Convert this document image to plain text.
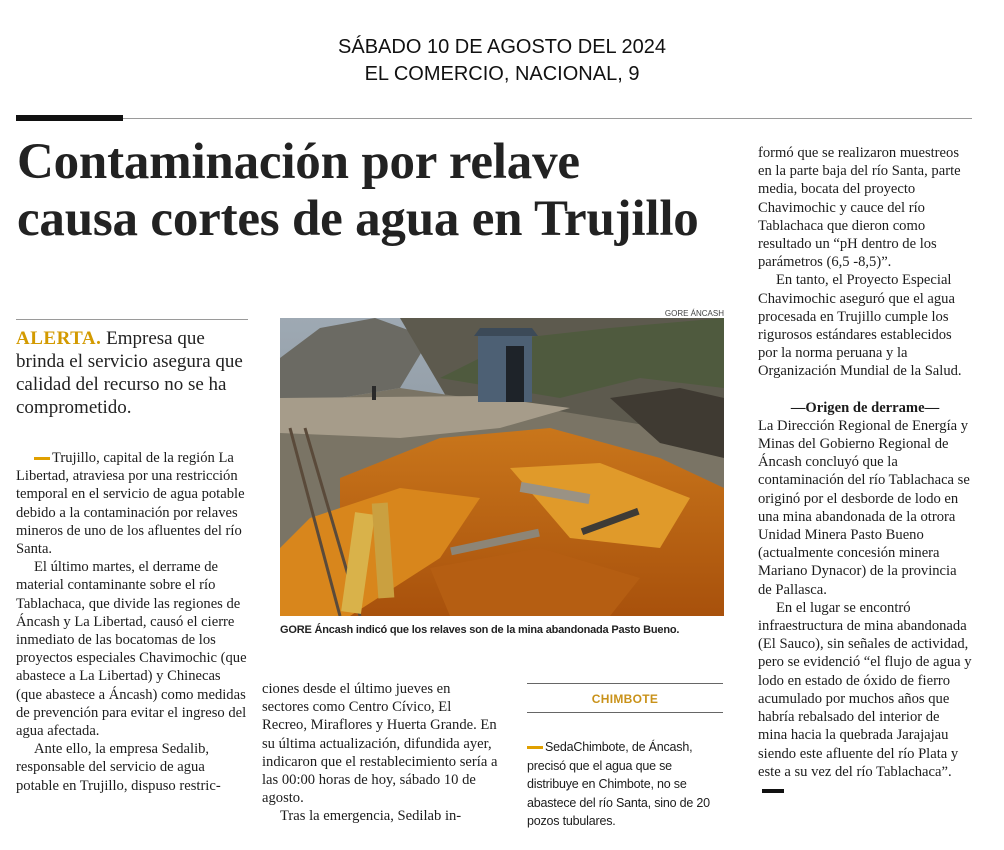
SÁBADO 10 DE AGOSTO DEL 2024
EL COMERCIO, NACIONAL, 9
Contaminación por relave
causa cortes de agua en Trujillo
ALERTA. Empresa que brinda el servicio asegura que calidad del recurso no se ha comprometido.

Trujillo, capital de la región La Libertad, atraviesa por una restricción temporal en el servicio de agua potable debido a la contaminación por relaves mineros de uno de los afluentes del río Santa.

El último martes, el derrame de material contaminante sobre el río Tablachaca, que divide las regiones de Áncash y La Libertad, causó el cierre inmediato de las bocatomas de los proyectos especiales Chavimochic (que abastece a La Libertad) y Chinecas (que abastece a Áncash) como medidas de prevención para evitar el ingreso del agua afectada.

Ante ello, la empresa Sedalib, responsable del servicio de agua potable en Trujillo, dispuso restric-

GORE ÁNCASH
GORE Áncash indicó que los relaves son de la mina abandonada Pasto Bueno.

ciones desde el último jueves en sectores como Centro Cívico, El Recreo, Miraflores y Huerta Grande. En su última actualización, difundida ayer, indicaron que el restablecimiento sería a las 00:00 horas de hoy, sábado 10 de agosto.

Tras la emergencia, Sedilab in-

CHIMBOTE
SedaChimbote, de Áncash, precisó que el agua que se distribuye en Chimbote, no se abastece del río Santa, sino de 20 pozos tubulares.

formó que se realizaron muestreos en la parte baja del río Santa, parte media, bocata del proyecto Chavimochic y cauce del río Tablachaca que dieron como resultado un “pH dentro de los parámetros (6,5 -8,5)”.

En tanto, el Proyecto Especial Chavimochic aseguró que el agua procesada en Trujillo cumple los rigurosos estándares establecidos por la norma peruana y la Organización Mundial de la Salud.

—Origen de derrame—

La Dirección Regional de Energía y Minas del Gobierno Regional de Áncash concluyó que la contaminación del río Tablachaca se originó por el desborde de lodo en una mina abandonada de la otrora Unidad Minera Pasto Bueno (actualmente concesión minera Mariano Dynacor) de la provincia de Pallasca.

En el lugar se encontró infraestructura de mina abandonada (El Sauco), sin señales de actividad, pero se evidenció “el flujo de agua y lodo en estado de óxido de fierro acumulado por muchos años que habría rebalsado del interior de mina hacia la quebrada Jarajajau siendo este afluente del río Plata y este a su vez del río Tablachaca”.
